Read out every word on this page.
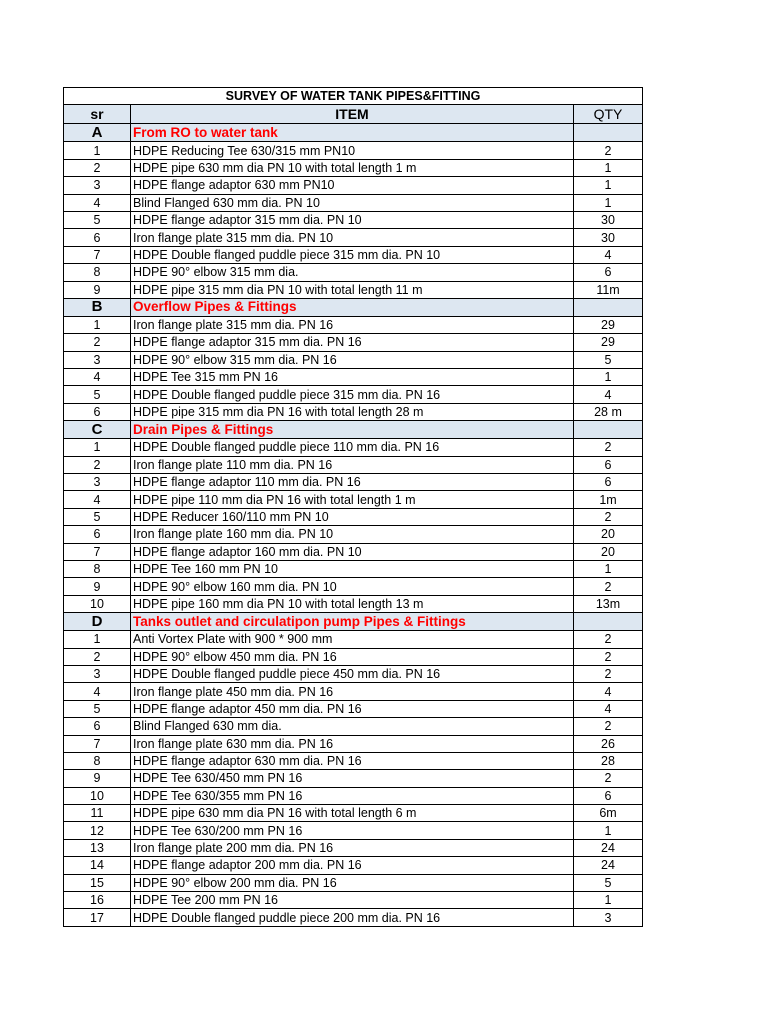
SURVEY OF WATER TANK PIPES&FITTING		
sr	ITEM	QTY
A	From RO to water tank	
1	HDPE Reducing Tee 630/315 mm PN10	2
2	HDPE pipe 630 mm dia PN 10 with total length 1 m	1
3	HDPE flange adaptor 630 mm PN10	1
4	Blind Flanged 630 mm dia. PN 10	1
5	HDPE flange adaptor 315 mm dia. PN 10	30
6	Iron flange plate 315 mm dia. PN 10	30
7	HDPE Double flanged puddle piece 315 mm dia. PN 10	4
8	HDPE 90° elbow 315 mm dia.	6
9	HDPE pipe 315 mm dia PN 10 with total length 11 m	11m
B	Overflow Pipes & Fittings	
1	Iron flange plate 315 mm dia. PN 16	29
2	HDPE flange adaptor 315 mm dia. PN 16	29
3	HDPE 90° elbow 315 mm dia. PN 16	5
4	HDPE Tee 315 mm PN 16	1
5	HDPE Double flanged puddle piece 315 mm dia. PN 16	4
6	HDPE pipe 315 mm dia PN 16 with total length 28 m	28 m
C	Drain Pipes & Fittings	
1	HDPE Double flanged puddle piece 110 mm dia. PN 16	2
2	Iron flange plate 110 mm dia. PN 16	6
3	HDPE flange adaptor 110 mm dia. PN 16	6
4	HDPE pipe 110 mm dia PN 16 with total length 1 m	1m
5	HDPE Reducer 160/110 mm PN 10	2
6	Iron flange plate 160 mm dia. PN 10	20
7	HDPE flange adaptor 160 mm dia. PN 10	20
8	HDPE Tee 160 mm PN 10	1
9	HDPE 90° elbow 160 mm dia. PN 10	2
10	HDPE pipe 160 mm dia PN 10 with total length 13 m	13m
D	Tanks outlet and circulatipon pump Pipes & Fittings	
1	Anti Vortex Plate with 900 * 900 mm	2
2	HDPE 90° elbow 450 mm dia. PN 16	2
3	HDPE Double flanged puddle piece 450 mm dia. PN 16	2
4	Iron flange plate 450 mm dia. PN 16	4
5	HDPE flange adaptor 450 mm dia. PN 16	4
6	Blind Flanged 630 mm dia.	2
7	Iron flange plate 630 mm dia. PN 16	26
8	HDPE flange adaptor 630 mm dia. PN 16	28
9	HDPE Tee 630/450 mm PN 16	2
10	HDPE Tee 630/355 mm PN 16	6
11	HDPE pipe 630 mm dia PN 16 with total length 6 m	6m
12	HDPE Tee 630/200 mm PN 16	1
13	Iron flange plate 200 mm dia. PN 16	24
14	HDPE flange adaptor 200 mm dia. PN 16	24
15	HDPE 90° elbow 200 mm dia. PN 16	5
16	HDPE Tee 200 mm PN 16	1
17	HDPE Double flanged puddle piece 200 mm dia. PN 16	3
